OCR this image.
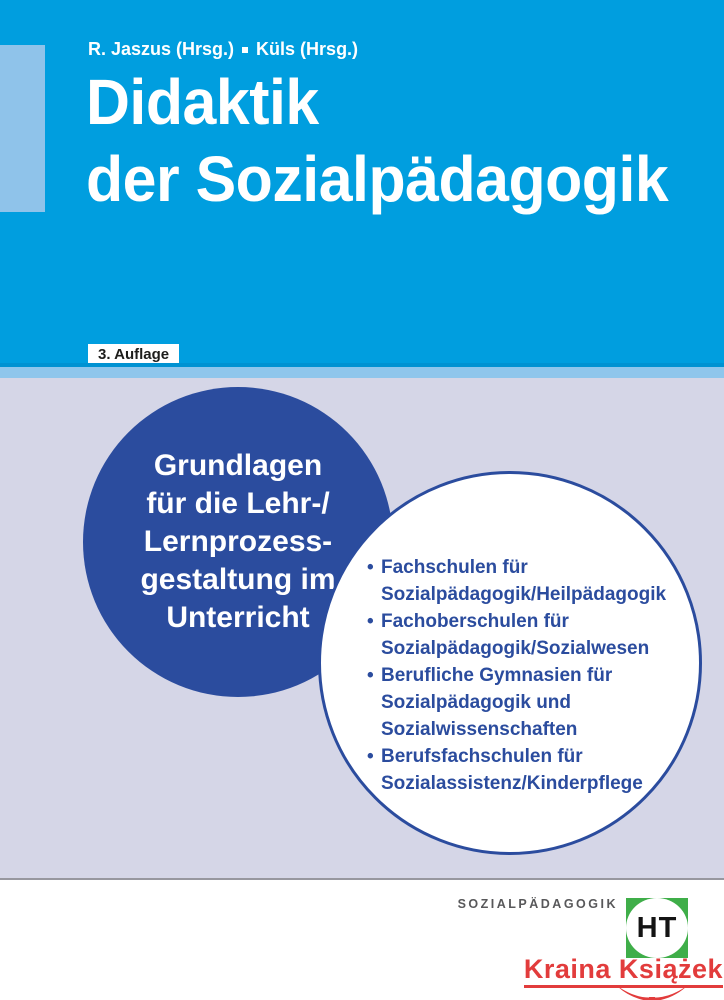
R. Jaszus (Hrsg.) Küls (Hrsg.)
Didaktik
der Sozialpädagogik
3. Auflage
Grundlagen
für die Lehr-/
Lernprozess-
gestaltung im
Unterricht
• Fachschulen für Sozialpädagogik/Heilpädagogik
• Fachoberschulen für Sozialpädagogik/Sozialwesen
• Berufliche Gymnasien für Sozialpädagogik und Sozialwissenschaften
• Berufsfachschulen für Sozialassistenz/Kinderpflege
SOZIALPÄDAGOGIK
HT
Kraina Książek
